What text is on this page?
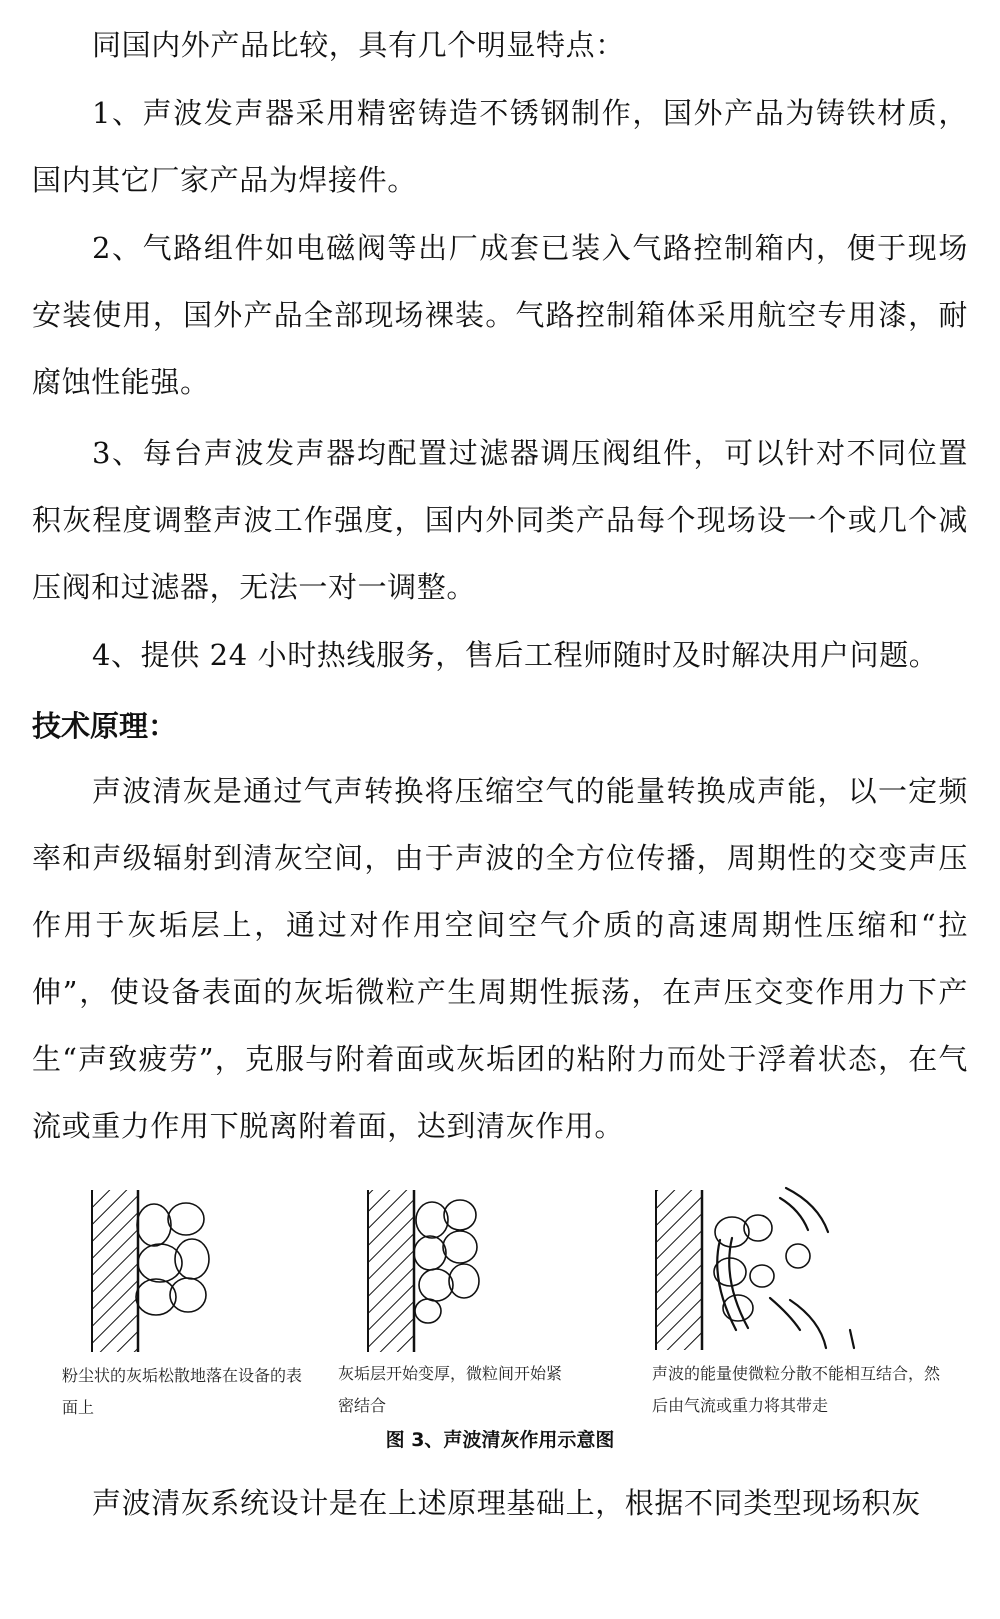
同国内外产品比较，具有几个明显特点：

1、声波发声器采用精密铸造不锈钢制作，国外产品为铸铁材质，国内其它厂家产品为焊接件。

2、气路组件如电磁阀等出厂成套已装入气路控制箱内，便于现场安装使用，国外产品全部现场裸装。气路控制箱体采用航空专用漆，耐腐蚀性能强。

3、每台声波发声器均配置过滤器调压阀组件，可以针对不同位置积灰程度调整声波工作强度，国内外同类产品每个现场设一个或几个减压阀和过滤器，无法一对一调整。

4、提供 24 小时热线服务，售后工程师随时及时解决用户问题。

技术原理：

声波清灰是通过气声转换将压缩空气的能量转换成声能，以一定频率和声级辐射到清灰空间，由于声波的全方位传播，周期性的交变声压作用于灰垢层上，通过对作用空间空气介质的高速周期性压缩和“拉伸”，使设备表面的灰垢微粒产生周期性振荡，在声压交变作用力下产生“声致疲劳”，克服与附着面或灰垢团的粘附力而处于浮着状态，在气流或重力作用下脱离附着面，达到清灰作用。

粉尘状的灰垢松散地落在设备的表面上

灰垢层开始变厚，微粒间开始紧密结合

声波的能量使微粒分散不能相互结合，然后由气流或重力将其带走

图 3、声波清灰作用示意图

声波清灰系统设计是在上述原理基础上，根据不同类型现场积灰
